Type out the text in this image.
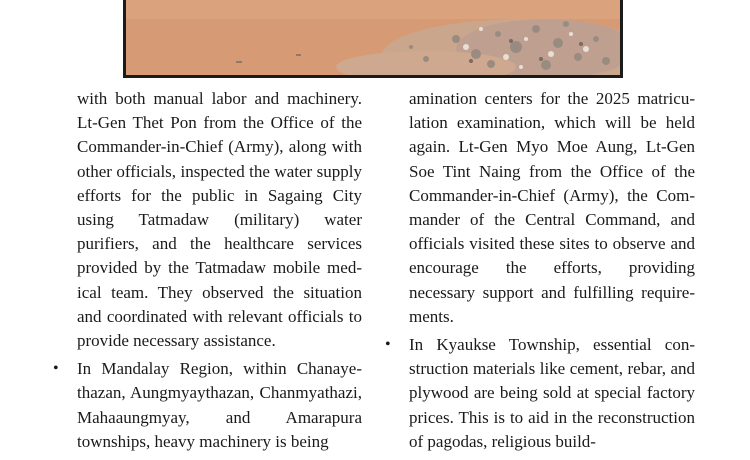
with both manual labor and machinery. Lt-Gen Thet Pon from the Office of the Commander-in-Chief (Army), along with other officials, inspected the water supply efforts for the public in Sagaing City using Tatmadaw (military) water purifiers, and the healthcare services provided by the Tatmadaw mobile medical team. They observed the situation and coordinated with relevant officials to provide necessary assistance.

• In Mandalay Region, within Chanayethazan, Aungmyaythazan, Chanmyathazi, Mahaaungmyay, and Amarapura townships, heavy machinery is being

amination centers for the 2025 matriculation examination, which will be held again. Lt-Gen Myo Moe Aung, Lt-Gen Soe Tint Naing from the Office of the Commander-in-Chief (Army), the Commander of the Central Command, and officials visited these sites to observe and encourage the efforts, providing necessary support and fulfilling requirements.

• In Kyaukse Township, essential construction materials like cement, rebar, and plywood are being sold at special factory prices. This is to aid in the reconstruction of pagodas, religious build-
